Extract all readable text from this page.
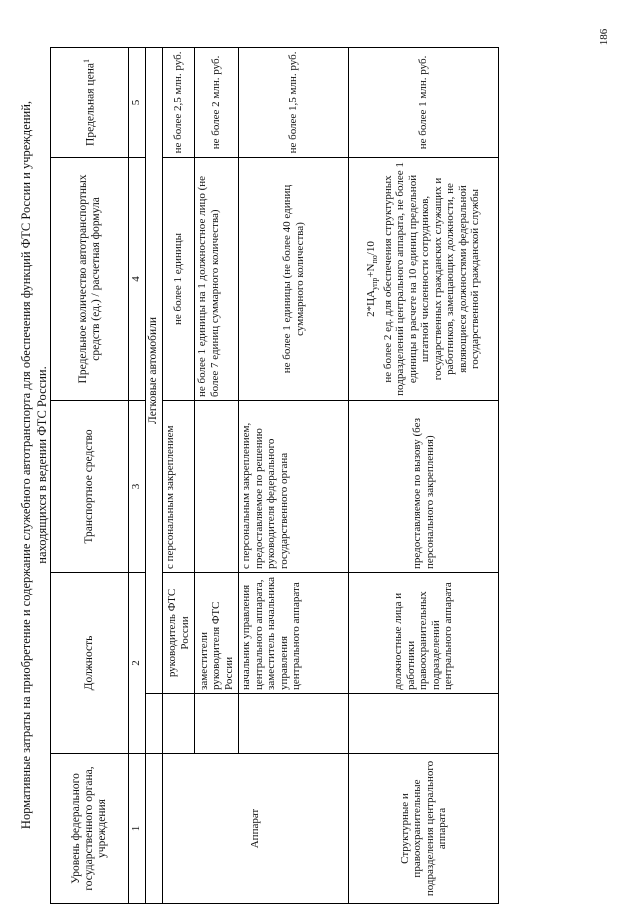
186
Нормативные затраты на приобретение и содержание служебного автотранспорта для обеспечения функций ФТС России и учреждений, находящихся в ведении ФТС России.
Уровень федерального государственного органа, учреждения	Должность		Транспортное средство	Предельное количество автотранспортных средств (ед.) / расчетная формула	Предельная цена$^1$
1	2		3	4	5
		Легковые автомобили			
Аппарат		руководитель ФТС России	с персональным закреплением	не более 1 единицы	не более 2,5 млн. руб.
		заместители руководителя ФТС России		не более 1 единицы на 1 должностное лицо (не более 7 единиц суммарного количества)	не более 2 млн. руб.
		начальник управления центрального аппарата, заместитель начальника управления центрального аппарата	с персональным закреплением, предоставляемое по решению руководителя федерального государственного органа	не более 1 единицы (не более 40 единиц суммарного количества)	не более 1,5 млн. руб.
Структурные и правоохранительные подразделения центрального аппарата		должностные лица и работники правоохранительных подразделений центрального аппарата	предоставляемое по вызову (без персонального закрепления)	$2*ЦА_{упр}+N_{по}/10$ не более 2 ед. для обеспечения структурных подразделений центрального аппарата, не более 1 единицы в расчете на 10 единиц предельной штатной численности сотрудников, государственных гражданских служащих и работников, замещающих должности, не являющиеся должностями федеральной государственной гражданской службы	не более 1 млн. руб.
